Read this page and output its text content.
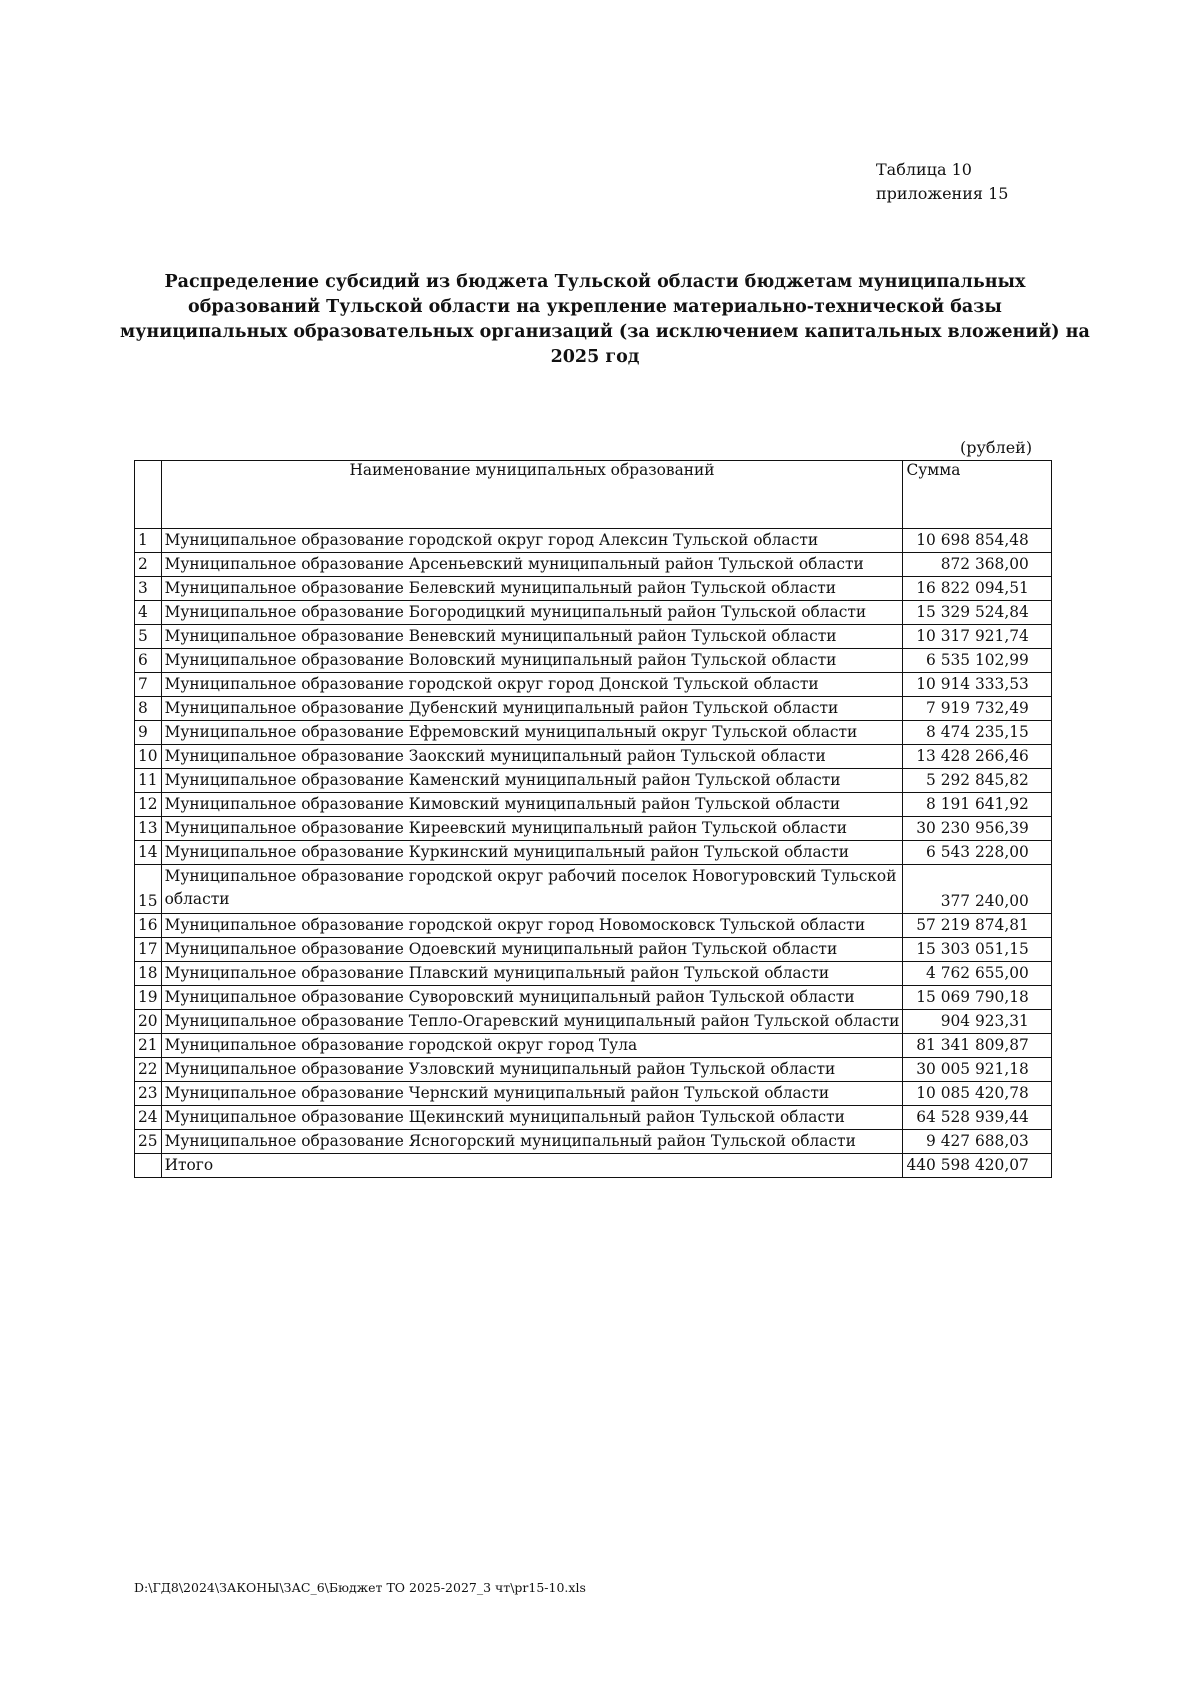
Таблица 10
приложения 15
Распределение субсидий из бюджета Тульской области бюджетам муниципальных
образований Тульской области на укрепление материально-технической базы
муниципальных образовательных организаций (за исключением капитальных вложений) на
2025 год
(рублей)
	Наименование муниципальных образований	Сумма
1	Муниципальное образование городской округ город Алексин Тульской области	10 698 854,48
2	Муниципальное образование Арсеньевский муниципальный район Тульской области	872 368,00
3	Муниципальное образование Белевский муниципальный район Тульской области	16 822 094,51
4	Муниципальное образование Богородицкий муниципальный район Тульской области	15 329 524,84
5	Муниципальное образование Веневский муниципальный район Тульской области	10 317 921,74
6	Муниципальное образование Воловский муниципальный район Тульской области	6 535 102,99
7	Муниципальное образование городской округ город Донской Тульской области	10 914 333,53
8	Муниципальное образование Дубенский муниципальный район Тульской области	7 919 732,49
9	Муниципальное образование Ефремовский муниципальный округ Тульской области	8 474 235,15
10	Муниципальное образование Заокский муниципальный район Тульской области	13 428 266,46
11	Муниципальное образование Каменский муниципальный район Тульской области	5 292 845,82
12	Муниципальное образование Кимовский муниципальный район Тульской области	8 191 641,92
13	Муниципальное образование Киреевский муниципальный район Тульской области	30 230 956,39
14	Муниципальное образование Куркинский муниципальный район Тульской области	6 543 228,00
15	Муниципальное образование городской округ рабочий поселок Новогуровский Тульской области	377 240,00
16	Муниципальное образование городской округ город Новомосковск Тульской области	57 219 874,81
17	Муниципальное образование Одоевский муниципальный район Тульской области	15 303 051,15
18	Муниципальное образование Плавский муниципальный район Тульской области	4 762 655,00
19	Муниципальное образование Суворовский муниципальный район Тульской области	15 069 790,18
20	Муниципальное образование Тепло-Огаревский муниципальный район Тульской области	904 923,31
21	Муниципальное образование городской округ город Тула	81 341 809,87
22	Муниципальное образование Узловский муниципальный район Тульской области	30 005 921,18
23	Муниципальное образование Чернский муниципальный район Тульской области	10 085 420,78
24	Муниципальное образование Щекинский муниципальный район Тульской области	64 528 939,44
25	Муниципальное образование Ясногорский муниципальный район Тульской области	9 427 688,03
	Итого	440 598 420,07
D:\ГД8\2024\ЗАКОНЫ\ЗАС_6\Бюджет ТО 2025-2027_3 чт\pr15-10.xls
